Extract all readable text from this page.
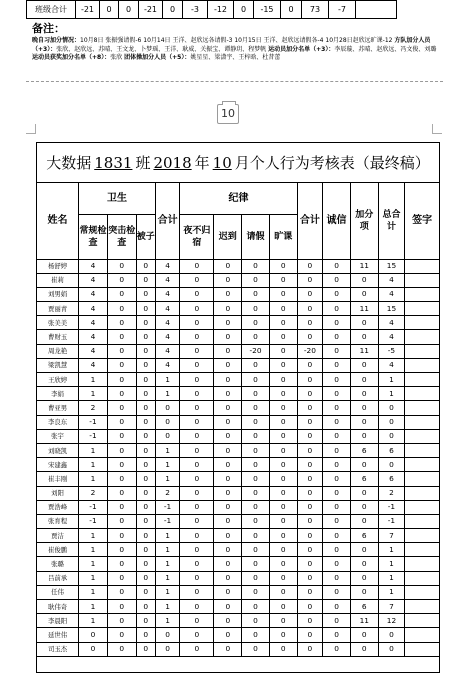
班级合计	-21	0	0	-21	0	-3	-12	0	-15	0	73	-7	
备注：
晚自习加分情况：10月8日 张振强请假-6 10月14日 王洋、赵欣远各请假-3 10月15日 王洋、赵欣远请假各-4 10月28日赵欣远旷课-12 方队加分人员（+3）：张欣、赵欣远、苏晴、王文龙、卜梦瑶、王洋、耿威、关振宝、谭静玥、程梦帆 运动员加分名单（+3）：李辰璇、苏晴、赵欣远、冯文俊、刘璐 运动员获奖加分名单（+8）：张欣 团体操加分人员（+5）：姚星星、梁潇宇、王梓晗、杜昔蕾
10
大数据 1831 班 2018 年 10 月个人行为考核表（最终稿）
姓名	卫生			合计	纪律				合计	诚信	加分项	总合计	签字
	常规检查	突击检查	被子		夜不归宿	迟到	请假	旷课					
杨舒婷	4	0	0	4	0	0	0	0	0	0	11	15	
崔莉	4	0	0	4	0	0	0	0	0	0	0	4	
刘男娟	4	0	0	4	0	0	0	0	0	0	0	4	
贾丽青	4	0	0	4	0	0	0	0	0	0	11	15	
张美美	4	0	0	4	0	0	0	0	0	0	0	4	
曹财玉	4	0	0	4	0	0	0	0	0	0	0	4	
周龙艳	4	0	0	4	0	0	-20	0	-20	0	11	-5	
梁凯慧	4	0	0	4	0	0	0	0	0	0	0	4	
王欣婷	1	0	0	1	0	0	0	0	0	0	0	1	
李娟	1	0	0	1	0	0	0	0	0	0	0	1	
曹亚男	2	0	0	0	0	0	0	0	0	0	0	0	
李良东	-1	0	0	0	0	0	0	0	0	0	0	0	
张宇	-1	0	0	0	0	0	0	0	0	0	0	0	
刘晓凯	1	0	0	1	0	0	0	0	0	0	6	6	
宋建鑫	1	0	0	1	0	0	0	0	0	0	0	0	
崔丰刚	1	0	0	1	0	0	0	0	0	0	6	6	
刘阳	2	0	0	2	0	0	0	0	0	0	0	2	
贾浩峰	-1	0	0	-1	0	0	0	0	0	0	0	-1	
张育程	-1	0	0	-1	0	0	0	0	0	0	0	-1	
贾洁	1	0	0	1	0	0	0	0	0	0	6	7	
崔俊鹏	1	0	0	1	0	0	0	0	0	0	0	1	
张璐	1	0	0	1	0	0	0	0	0	0	0	1	
吕前承	1	0	0	1	0	0	0	0	0	0	0	1	
任伟	1	0	0	1	0	0	0	0	0	0	0	1	
耿伟奇	1	0	0	1	0	0	0	0	0	0	6	7	
李晨阳	1	0	0	1	0	0	0	0	0	0	11	12	
延世伟	0	0	0	0	0	0	0	0	0	0	0	0	
司玉杰	0	0	0	0	0	0	0	0	0	0	0	0	
